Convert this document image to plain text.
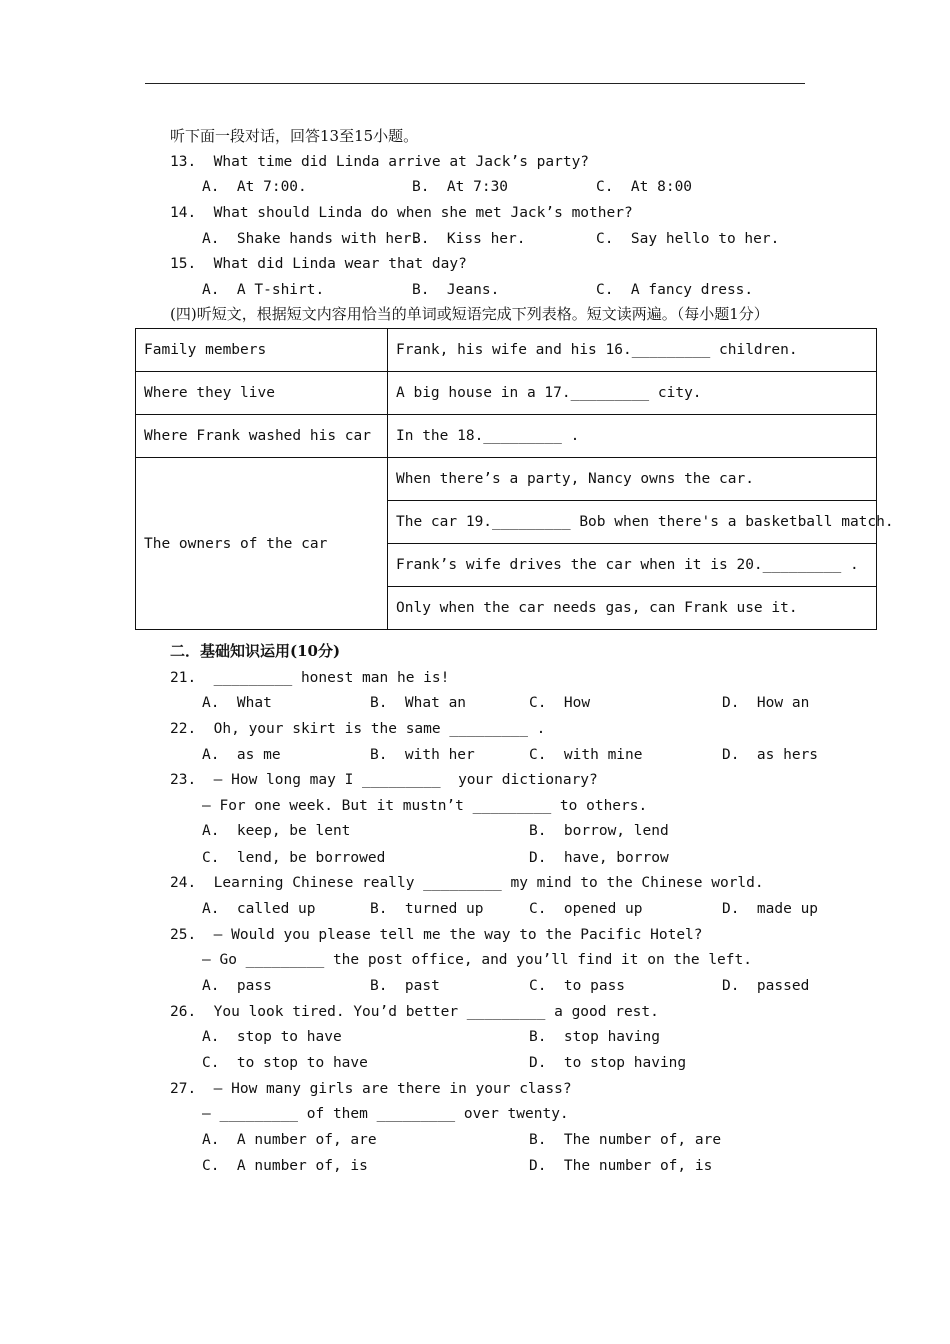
听下面一段对话，回答13至15小题。
13.  What time did Linda arrive at Jack’s party?
A.  At 7:00.	B.  At 7:30	C.  At 8:00
14.  What should Linda do when she met Jack’s mother?
A.  Shake hands with her.
B.  Kiss her.	C.  Say hello to her.
15.  What did Linda wear that day?
A.  A T-shirt.	B.  Jeans.	C.  A fancy dress.
(四)听短文，根据短文内容用恰当的单词或短语完成下列表格。短文读两遍。（每小题1分）
Family members	Frank, his wife and his 16._________ children.
Where they live	A big house in a 17._________ city.
Where Frank washed his car	In the 18._________ .
The owners of the car	When there’s a party, Nancy owns the car.
	The car 19._________ Bob when there's a basketball match.
	Frank’s wife drives the car when it is 20._________ .
	Only when the car needs gas, can Frank use it.
二．基础知识运用(10分)
21.  _________ honest man he is!
A.  What	B.  What an	C.  How	D.  How an
22.  Oh, your skirt is the same _________ .
A.  as me	B.  with her	C.  with mine	D.  as hers
23.  — How long may I _________  your dictionary?
— For one week. But it mustn’t _________ to others.
A.  keep, be lent	B.  borrow, lend
C.  lend, be borrowed	D.  have, borrow
24.  Learning Chinese really _________ my mind to the Chinese world.
A.  called up	B.  turned up	C.  opened up	D.  made up
25.  — Would you please tell me the way to the Pacific Hotel?
— Go _________ the post office, and you’ll find it on the left.
A.  pass	B.  past	C.  to pass	D.  passed
26.  You look tired. You’d better _________ a good rest.
A.  stop to have	B.  stop having
C.  to stop to have	D.  to stop having
27.  — How many girls are there in your class?
— _________ of them _________ over twenty.
A.  A number of, are	B.  The number of, are
C.  A number of, is	D.  The number of, is
